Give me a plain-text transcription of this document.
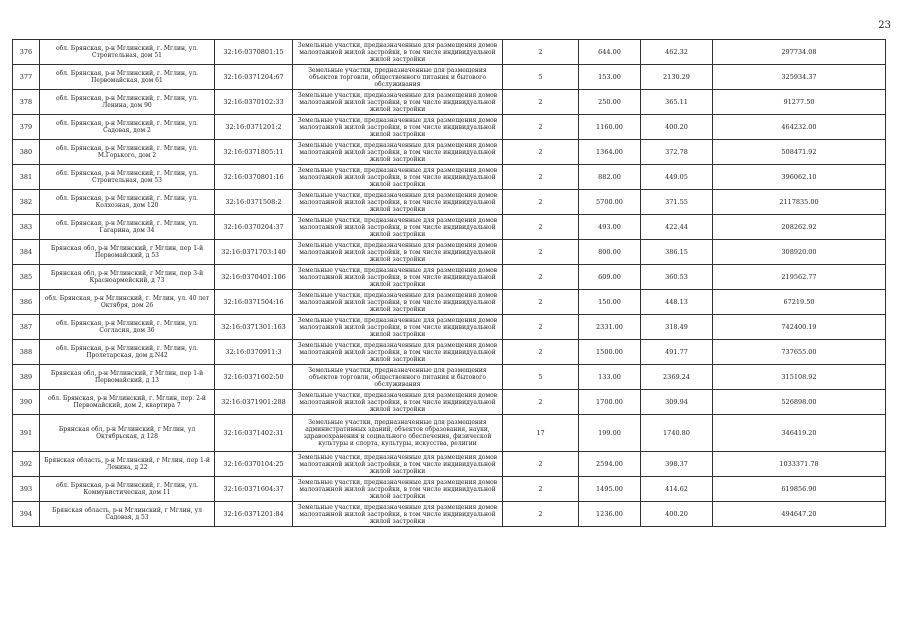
23
376	обл. Брянская, р-н Мглинский, г. Мглин, ул. Строительная, дом 51	32:16:0370801:15	Земельные участки, предназначенные для размещения домов малоэтажной жилой застройки, в том числе индивидуальной жилой застройки	2	644.00	462.32	297734.08
377	обл. Брянская, р-н Мглинский, г. Мглин, ул. Первомайская, дом 61	32:16:0371204:67	Земельные участки, предназначенные для размещения объектов торговли, общественного питания и бытового обслуживания	5	153.00	2130.29	325934.37
378	обл. Брянская, р-н Мглинский, г. Мглин, ул. Ленина, дом 90	32:16:0370102:33	Земельные участки, предназначенные для размещения домов малоэтажной жилой застройки, в том числе индивидуальной жилой застройки	2	250.00	365.11	91277.50
379	обл. Брянская, р-н Мглинский, г. Мглин, ул. Садовая, дом 2	32:16:0371201:2	Земельные участки, предназначенные для размещения домов малоэтажной жилой застройки, в том числе индивидуальной жилой застройки	2	1160.00	400.20	464232.00
380	обл. Брянская, р-н Мглинский, г. Мглин, ул. М.Горького, дом 2	32:16:0371805:11	Земельные участки, предназначенные для размещения домов малоэтажной жилой застройки, в том числе индивидуальной жилой застройки	2	1364.00	372.78	508471.92
381	обл. Брянская, р-н Мглинский, г. Мглин, ул. Строительная, дом 53	32:16:0370801:16	Земельные участки, предназначенные для размещения домов малоэтажной жилой застройки, в том числе индивидуальной жилой застройки	2	882.00	449.05	396062.10
382	обл. Брянская, р-н Мглинский, г. Мглин, ул. Колхозная, дом 120	32:16:0371508:2	Земельные участки, предназначенные для размещения домов малоэтажной жилой застройки, в том числе индивидуальной жилой застройки	2	5700.00	371.55	2117835.00
383	обл. Брянская, р-н Мглинский, г. Мглин, ул. Гагарина, дом 34	32:16:0370204:37	Земельные участки, предназначенные для размещения домов малоэтажной жилой застройки, в том числе индивидуальной жилой застройки	2	493.00	422.44	208262.92
384	Брянская обл, р-н Мглинский, г Мглин, пер 1-й Первомайский, д 53	32:16:0371703:140	Земельные участки, предназначенные для размещения домов малоэтажной жилой застройки, в том числе индивидуальной жилой застройки	2	800.00	386.15	308920.00
385	Брянская обл, р-н Мглинский, г Мглин, пер 3-й Красноармейский, д 73	32:16:0370401:106	Земельные участки, предназначенные для размещения домов малоэтажной жилой застройки, в том числе индивидуальной жилой застройки	2	609.00	360.53	219562.77
386	обл. Брянская, р-н Мглинский, г. Мглин, ул. 40 лет Октября, дом 26	32:16:0371504:16	Земельные участки, предназначенные для размещения домов малоэтажной жилой застройки, в том числе индивидуальной жилой застройки	2	150.00	448.13	67219.50
387	обл. Брянская, р-н Мглинский, г. Мглин, ул. Согласия, дом 36	32:16:0371301:163	Земельные участки, предназначенные для размещения домов малоэтажной жилой застройки, в том числе индивидуальной жилой застройки	2	2331.00	318.49	742400.19
388	обл. Брянская, р-н Мглинский, г. Мглин, ул. Пролетарская, дом д.N42	32:16:0370911:3	Земельные участки, предназначенные для размещения домов малоэтажной жилой застройки, в том числе индивидуальной жилой застройки	2	1500.00	491.77	737655.00
389	Брянская обл, р-н Мглинский, г Мглин, пер 1-й Первомайский, д 13	32:16:0371602:50	Земельные участки, предназначенные для размещения объектов торговли, общественного питания и бытового обслуживания	5	133.00	2369.24	315108.92
390	обл. Брянская, р-н Мглинский, г. Мглин, пер. 2-й Первомайский, дом 2, квартира 7	32:16:0371901:288	Земельные участки, предназначенные для размещения домов малоэтажной жилой застройки, в том числе индивидуальной жилой застройки	2	1700.00	309.94	526898.00
391	Брянская обл, р-н Мглинский, г Мглин, ул Октябрьская, д 128	32:16:0371402:31	Земельные участки, предназначенные для размещения административных зданий, объектов образования, науки, здравоохранения и социального обеспечения, физической культуры и спорта, культуры, искусства, религии	17	199.00	1740.80	346419.20
392	Брянская область, р-н Мглинский, г Мглин, пер 1-й Ленина, д 22	32:16:0370104:25	Земельные участки, предназначенные для размещения домов малоэтажной жилой застройки, в том числе индивидуальной жилой застройки	2	2594.00	398.37	1033371.78
393	обл. Брянская, р-н Мглинский, г. Мглин, ул. Коммунистическая, дом 11	32:16:0371604:37	Земельные участки, предназначенные для размещения домов малоэтажной жилой застройки, в том числе индивидуальной жилой застройки	2	1495.00	414.62	619856.90
394	Брянская область, р-н Мглинский, г Мглин, ул Садовая, д 53	32:16:0371201:84	Земельные участки, предназначенные для размещения домов малоэтажной жилой застройки, в том числе индивидуальной жилой застройки	2	1236.00	400.20	494647.20
